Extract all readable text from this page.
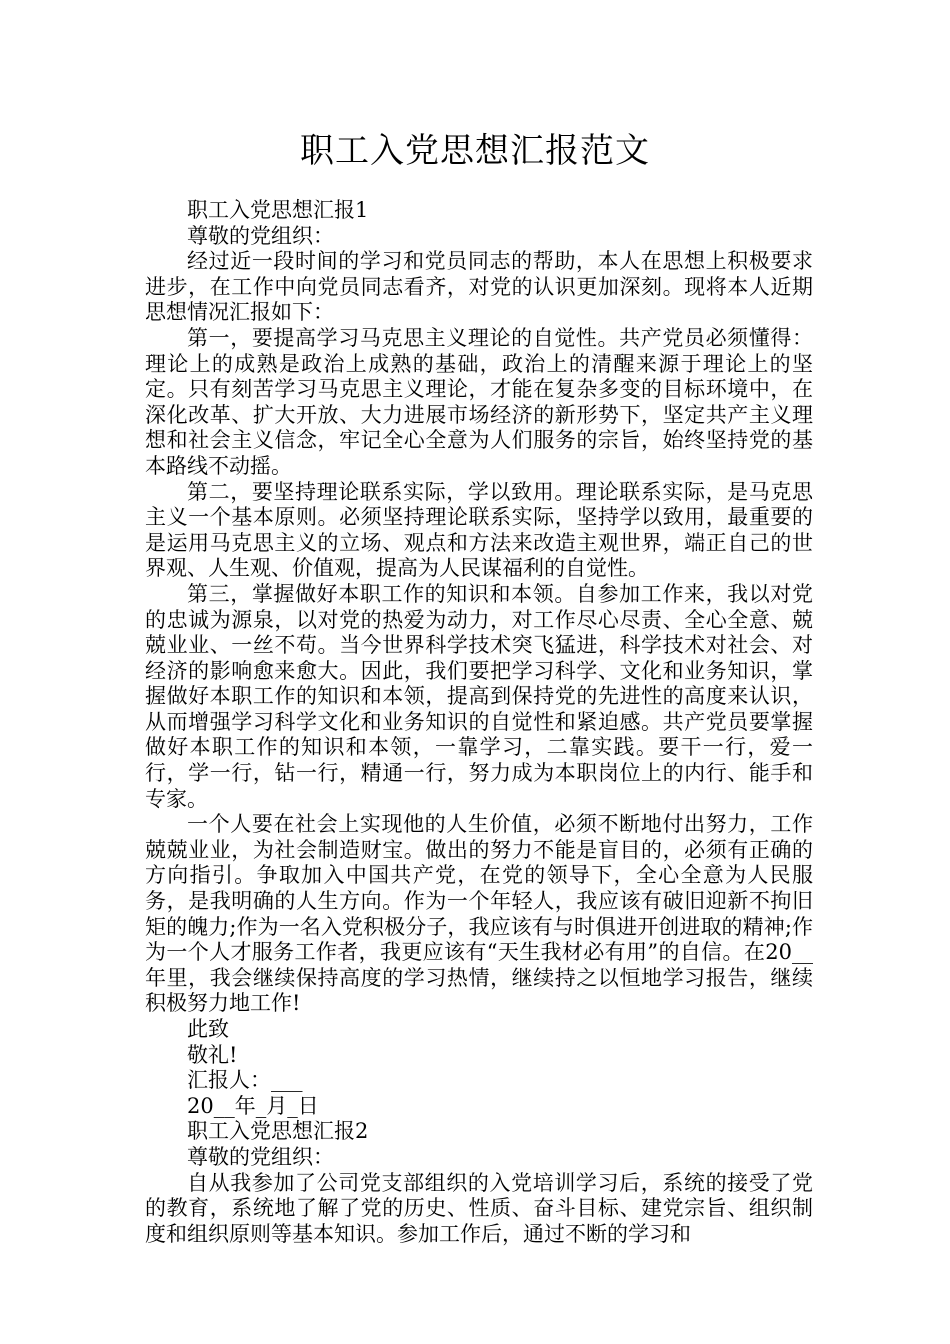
职工入党思想汇报范文

职工入党思想汇报1

尊敬的党组织：

经过近一段时间的学习和党员同志的帮助，本人在思想上积极要求进步，在工作中向党员同志看齐，对党的认识更加深刻。现将本人近期思想情况汇报如下：

第一，要提高学习马克思主义理论的自觉性。共产党员必须懂得：理论上的成熟是政治上成熟的基础，政治上的清醒来源于理论上的坚定。只有刻苦学习马克思主义理论，才能在复杂多变的目标环境中，在深化改革、扩大开放、大力进展市场经济的新形势下，坚定共产主义理想和社会主义信念，牢记全心全意为人们服务的宗旨，始终坚持党的基本路线不动摇。

第二，要坚持理论联系实际，学以致用。理论联系实际，是马克思主义一个基本原则。必须坚持理论联系实际，坚持学以致用，最重要的是运用马克思主义的立场、观点和方法来改造主观世界，端正自己的世界观、人生观、价值观，提高为人民谋福利的自觉性。

第三，掌握做好本职工作的知识和本领。自参加工作来，我以对党的忠诚为源泉，以对党的热爱为动力，对工作尽心尽责、全心全意、兢兢业业、一丝不苟。当今世界科学技术突飞猛进，科学技术对社会、对经济的影响愈来愈大。因此，我们要把学习科学、文化和业务知识，掌握做好本职工作的知识和本领，提高到保持党的先进性的高度来认识，从而增强学习科学文化和业务知识的自觉性和紧迫感。共产党员要掌握做好本职工作的知识和本领，一靠学习，二靠实践。要干一行，爱一行，学一行，钻一行，精通一行，努力成为本职岗位上的内行、能手和专家。

一个人要在社会上实现他的人生价值，必须不断地付出努力，工作兢兢业业，为社会制造财宝。做出的努力不能是盲目的，必须有正确的方向指引。争取加入中国共产党，在党的领导下，全心全意为人民服务，是我明确的人生方向。作为一个年轻人，我应该有破旧迎新不拘旧矩的魄力;作为一名入党积极分子，我应该有与时俱进开创进取的精神;作为一个人才服务工作者，我更应该有“天生我材必有用”的自信。在20__年里，我会继续保持高度的学习热情，继续持之以恒地学习报告，继续积极努力地工作!

此致

敬礼!

汇报人：___

20__年_月_日

职工入党思想汇报2

尊敬的党组织：

自从我参加了公司党支部组织的入党培训学习后，系统的接受了党的教育，系统地了解了党的历史、性质、奋斗目标、建党宗旨、组织制度和组织原则等基本知识。参加工作后，通过不断的学习和
